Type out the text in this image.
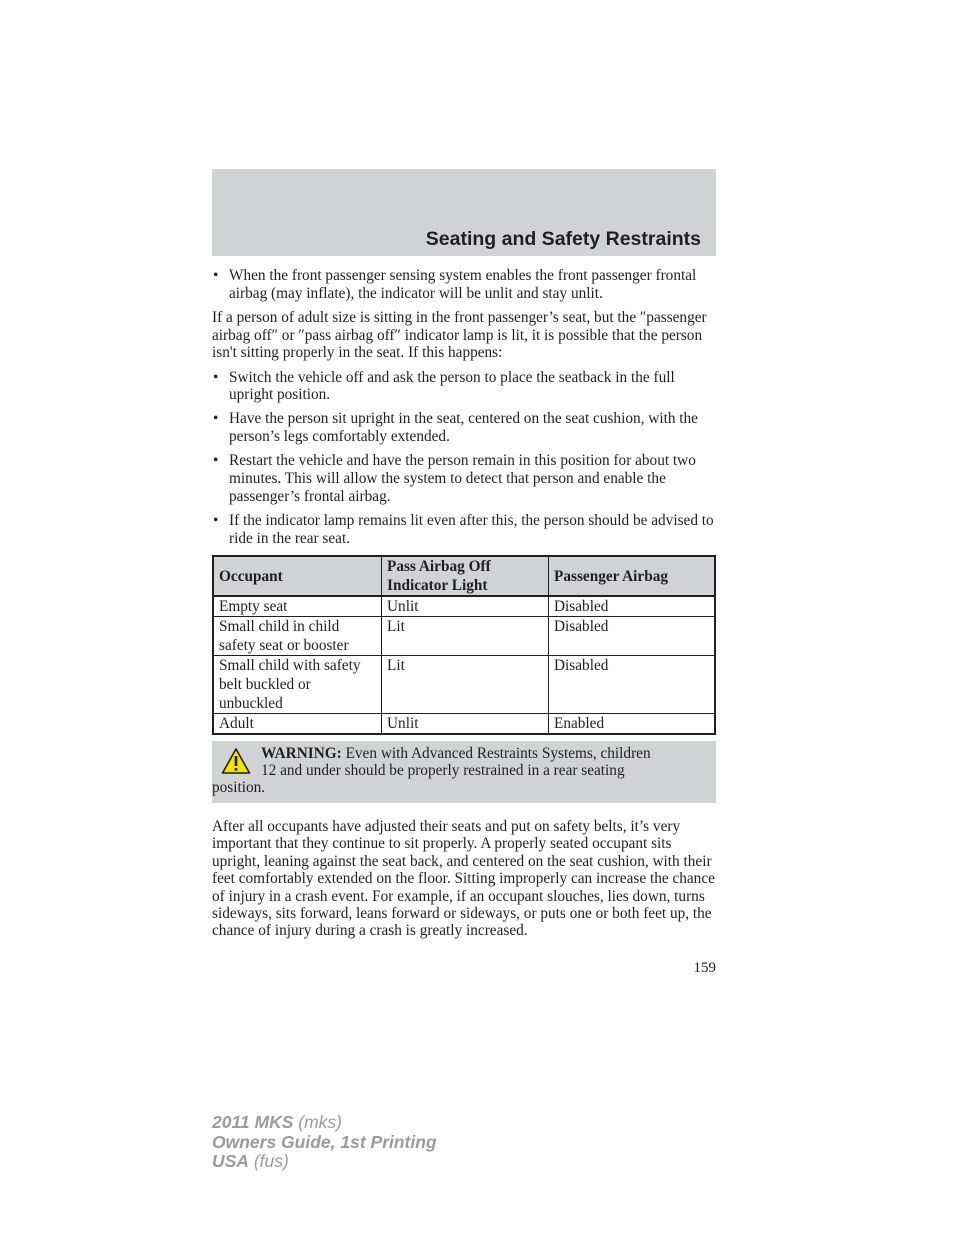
Seating and Safety Restraints
• When the front passenger sensing system enables the front passenger frontal airbag (may inflate), the indicator will be unlit and stay unlit.
If a person of adult size is sitting in the front passenger’s seat, but the ″passenger airbag off″ or ″pass airbag off″ indicator lamp is lit, it is possible that the person isn't sitting properly in the seat. If this happens:
• Switch the vehicle off and ask the person to place the seatback in the full upright position.
• Have the person sit upright in the seat, centered on the seat cushion, with the person’s legs comfortably extended.
• Restart the vehicle and have the person remain in this position for about two minutes. This will allow the system to detect that person and enable the passenger’s frontal airbag.
• If the indicator lamp remains lit even after this, the person should be advised to ride in the rear seat.
Occupant	Pass Airbag Off Indicator Light	Passenger Airbag
Empty seat	Unlit	Disabled
Small child in child safety seat or booster	Lit	Disabled
Small child with safety belt buckled or unbuckled	Lit	Disabled
Adult	Unlit	Enabled
WARNING: Even with Advanced Restraints Systems, children
12 and under should be properly restrained in a rear seating
position.
After all occupants have adjusted their seats and put on safety belts, it’s very important that they continue to sit properly. A properly seated occupant sits upright, leaning against the seat back, and centered on the seat cushion, with their feet comfortably extended on the floor. Sitting improperly can increase the chance of injury in a crash event. For example, if an occupant slouches, lies down, turns sideways, sits forward, leans forward or sideways, or puts one or both feet up, the chance of injury during a crash is greatly increased.
159
2011 MKS (mks)
Owners Guide, 1st Printing
USA (fus)
